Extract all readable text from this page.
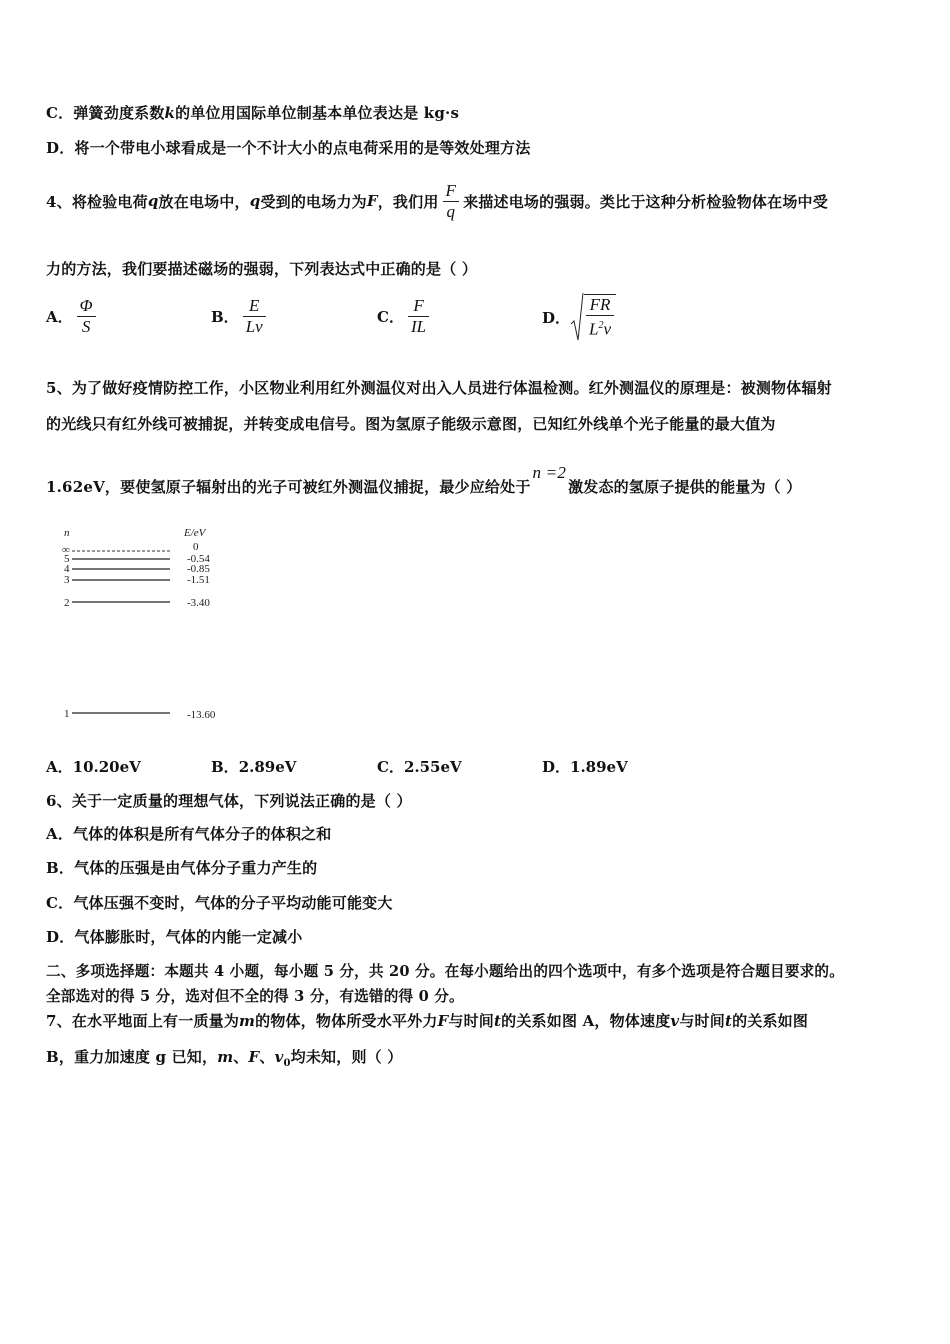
C．弹簧劲度系数k的单位用国际单位制基本单位表达是 kg·s
D．将一个带电小球看成是一个不计大小的点电荷采用的是等效处理方法
4、将检验电荷 q 放在电场中， q 受到的电场力为 F ，我们用 $\frac{F}{q}$ 来描述电场的强弱。类比于这种分析检验物体在场中受
力的方法，我们要描述磁场的强弱，下列表达式中正确的是（ ）
A． $\frac{\Phi}{S}$	B． $\frac{E}{Lv}$	C． $\frac{F}{IL}$	D． $\frac{FR}{L^2v}$
5、为了做好疫情防控工作，小区物业利用红外测温仪对出入人员进行体温检测。红外测温仪的原理是：被测物体辐射
的光线只有红外线可被捕捉，并转变成电信号。图为氢原子能级示意图，已知红外线单个光子能量的最大值为
1.62eV，要使氢原子辐射出的光子可被红外测温仪捕捉，最少应给处于n =2激发态的氢原子提供的能量为（ ）
n	E/eV
∞	0
5	-0.54
4	-0.85
3	-1.51
2	-3.40
1	-13.60
A．10.20eV	B．2.89eV	C．2.55eV	D．1.89eV
6、关于一定质量的理想气体，下列说法正确的是（ ）
A．气体的体积是所有气体分子的体积之和
B．气体的压强是由气体分子重力产生的
C．气体压强不变时，气体的分子平均动能可能变大
D．气体膨胀时，气体的内能一定减小
二、多项选择题：本题共 4 小题，每小题 5 分，共 20 分。在每小题给出的四个选项中，有多个选项是符合题目要求的。
全部选对的得 5 分，选对但不全的得 3 分，有选错的得 0 分。
7、在水平地面上有一质量为m的物体，物体所受水平外力F与时间t的关系如图 A，物体速度v与时间t的关系如图
B，重力加速度 g 已知，m、F、$v_0$均未知，则（ ）
